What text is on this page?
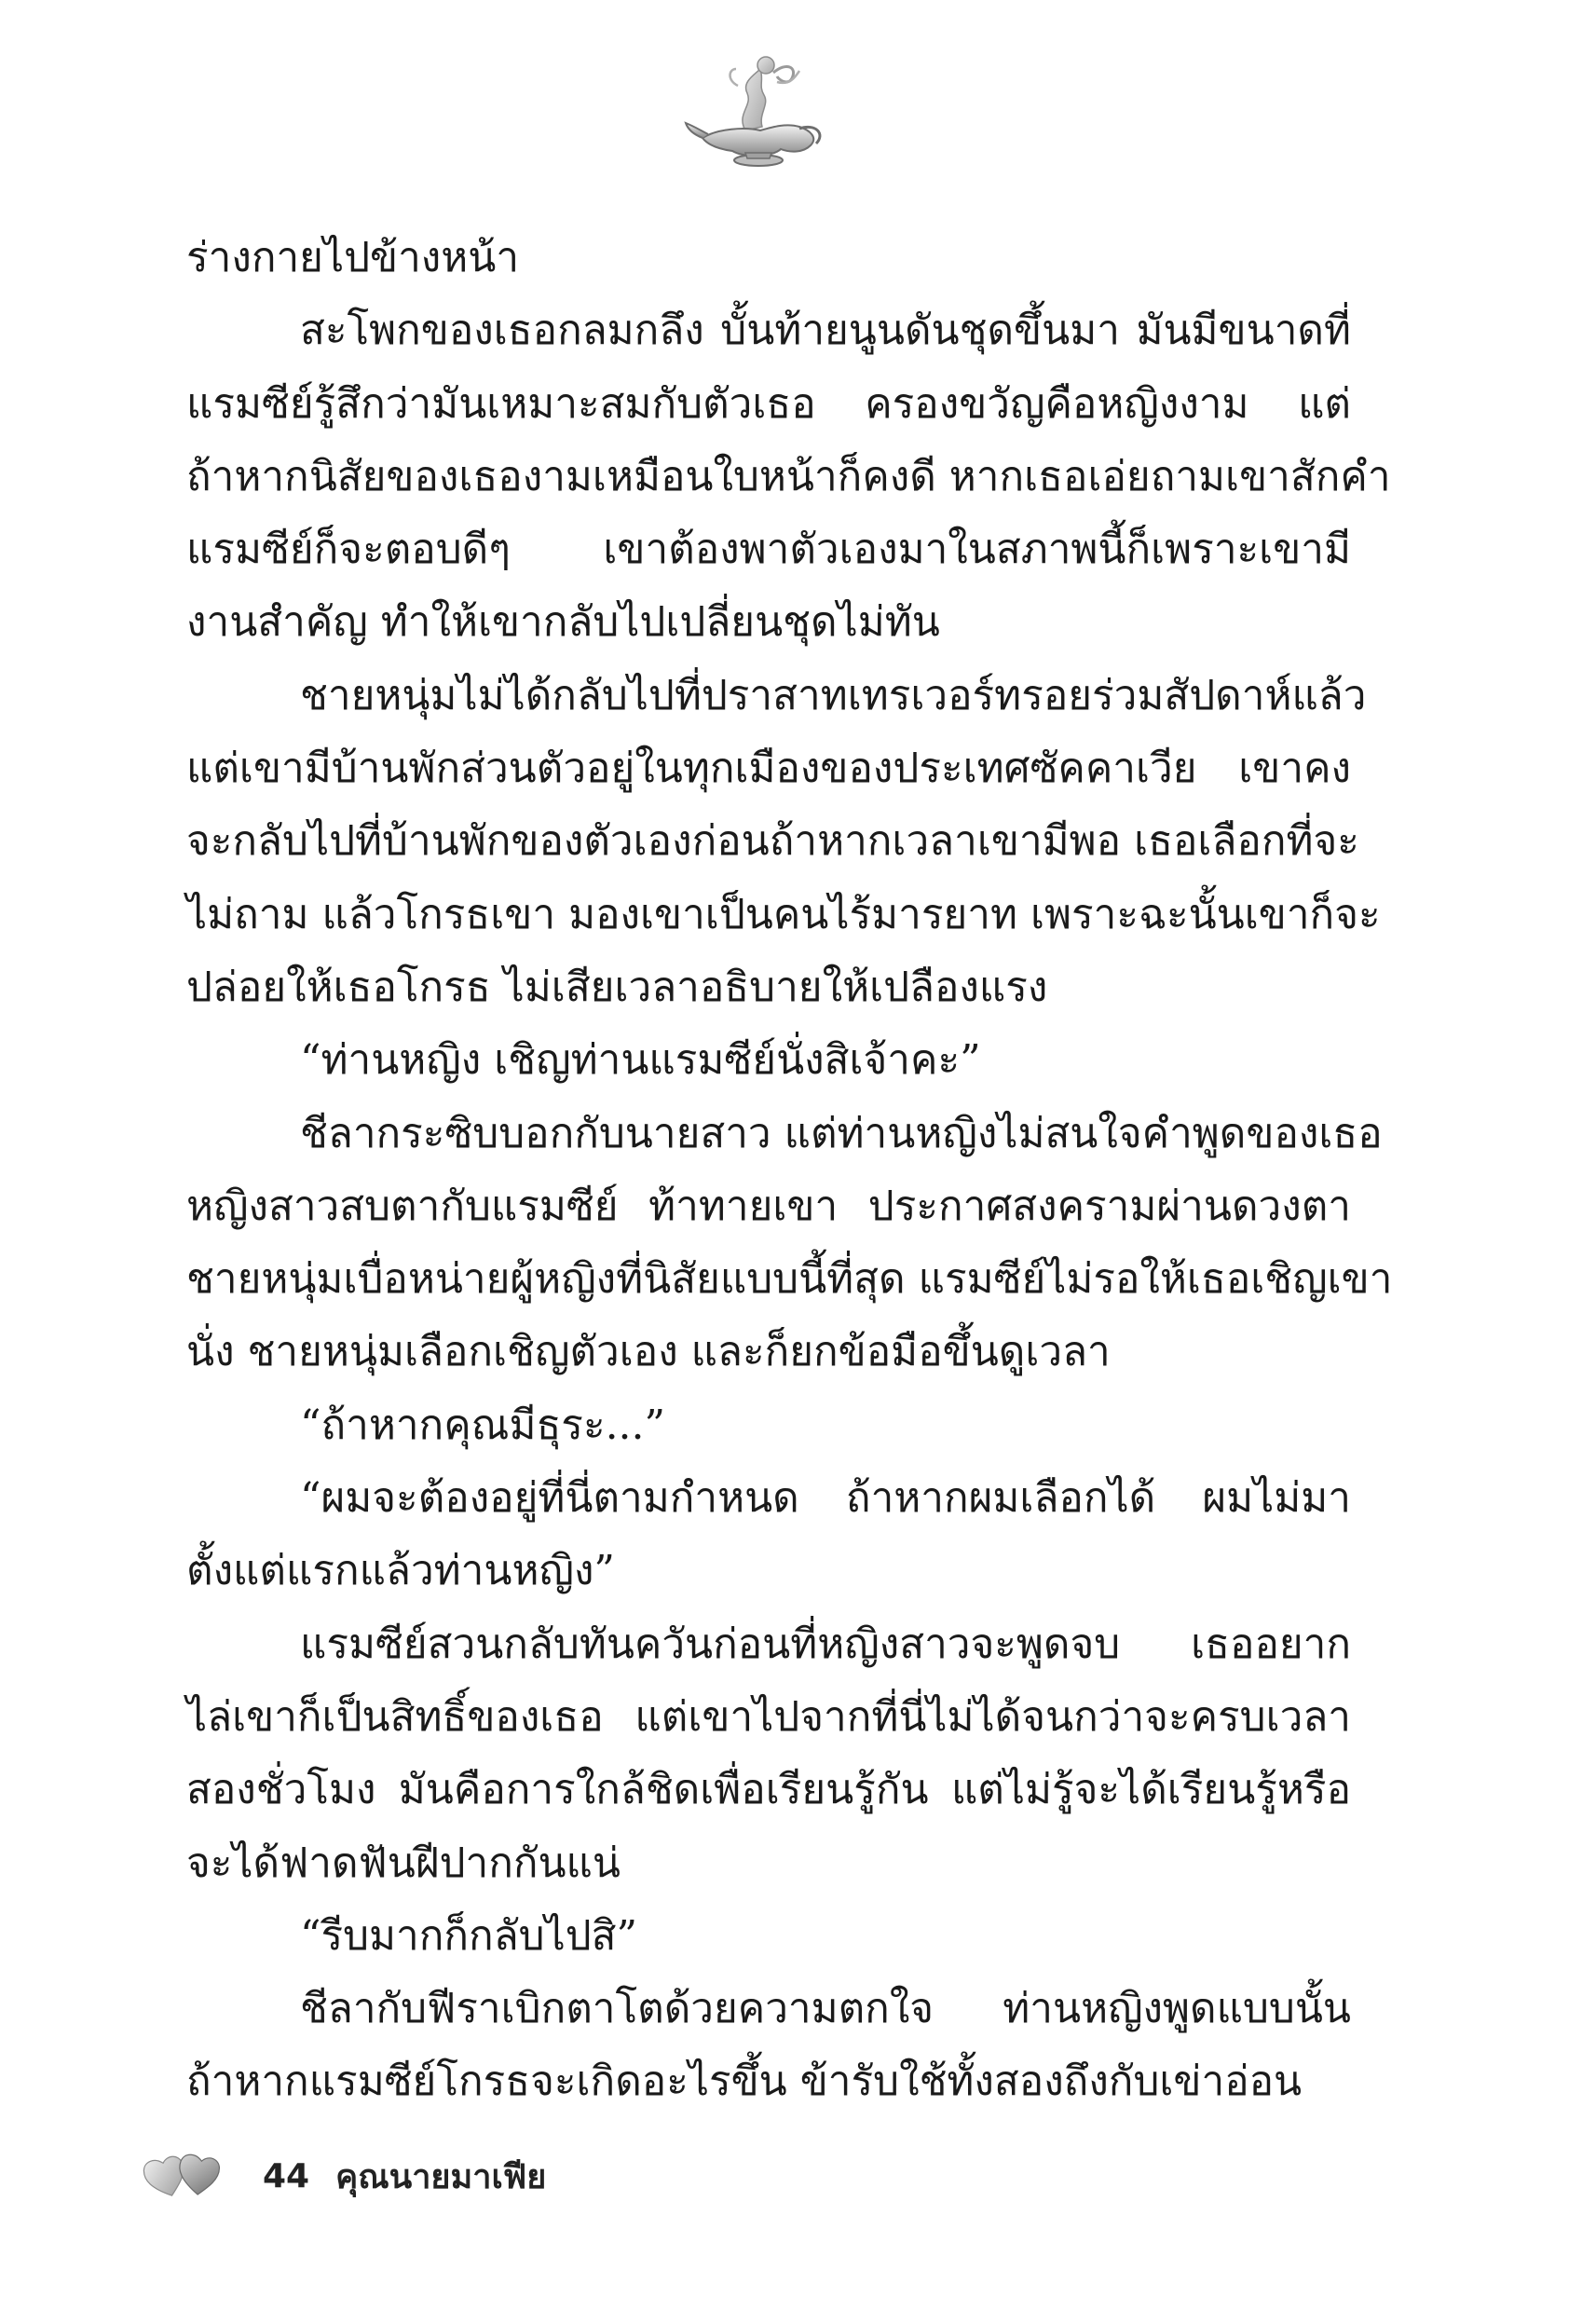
ร่างกายไปข้างหน้า
สะโพกของเธอกลมกลึง บั้นท้ายนูนดันชุดขึ้นมา มันมีขนาดที่
แรมซีย์รู้สึกว่ามันเหมาะสมกับตัวเธอ ครองขวัญคือหญิงงาม แต่
ถ้าหากนิสัยของเธองามเหมือนใบหน้าก็คงดี หากเธอเอ่ยถามเขาสักคำ
แรมซีย์ก็จะตอบดีๆ เขาต้องพาตัวเองมาในสภาพนี้ก็เพราะเขามี
งานสำคัญ ทำให้เขากลับไปเปลี่ยนชุดไม่ทัน
ชายหนุ่มไม่ได้กลับไปที่ปราสาทเทรเวอร์ทรอยร่วมสัปดาห์แล้ว
แต่เขามีบ้านพักส่วนตัวอยู่ในทุกเมืองของประเทศซัคคาเวีย เขาคง
จะกลับไปที่บ้านพักของตัวเองก่อนถ้าหากเวลาเขามีพอ เธอเลือกที่จะ
ไม่ถาม แล้วโกรธเขา มองเขาเป็นคนไร้มารยาท เพราะฉะนั้นเขาก็จะ
ปล่อยให้เธอโกรธ ไม่เสียเวลาอธิบายให้เปลืองแรง
“ท่านหญิง เชิญท่านแรมซีย์นั่งสิเจ้าคะ”
ชีลากระซิบบอกกับนายสาว แต่ท่านหญิงไม่สนใจคำพูดของเธอ
หญิงสาวสบตากับแรมซีย์ ท้าทายเขา ประกาศสงครามผ่านดวงตา
ชายหนุ่มเบื่อหน่ายผู้หญิงที่นิสัยแบบนี้ที่สุด แรมซีย์ไม่รอให้เธอเชิญเขา
นั่ง ชายหนุ่มเลือกเชิญตัวเอง และก็ยกข้อมือขึ้นดูเวลา
“ถ้าหากคุณมีธุระ...”
“ผมจะต้องอยู่ที่นี่ตามกำหนด ถ้าหากผมเลือกได้ ผมไม่มา
ตั้งแต่แรกแล้วท่านหญิง”
แรมซีย์สวนกลับทันควันก่อนที่หญิงสาวจะพูดจบ เธออยาก
ไล่เขาก็เป็นสิทธิ์ของเธอ แต่เขาไปจากที่นี่ไม่ได้จนกว่าจะครบเวลา
สองชั่วโมง มันคือการใกล้ชิดเพื่อเรียนรู้กัน แต่ไม่รู้จะได้เรียนรู้หรือ
จะได้ฟาดฟันฝีปากกันแน่
“รีบมากก็กลับไปสิ”
ชีลากับฟีราเบิกตาโตด้วยความตกใจ ท่านหญิงพูดแบบนั้น
ถ้าหากแรมซีย์โกรธจะเกิดอะไรขึ้น ข้ารับใช้ทั้งสองถึงกับเข่าอ่อน
44 คุณนายมาเฟีย
